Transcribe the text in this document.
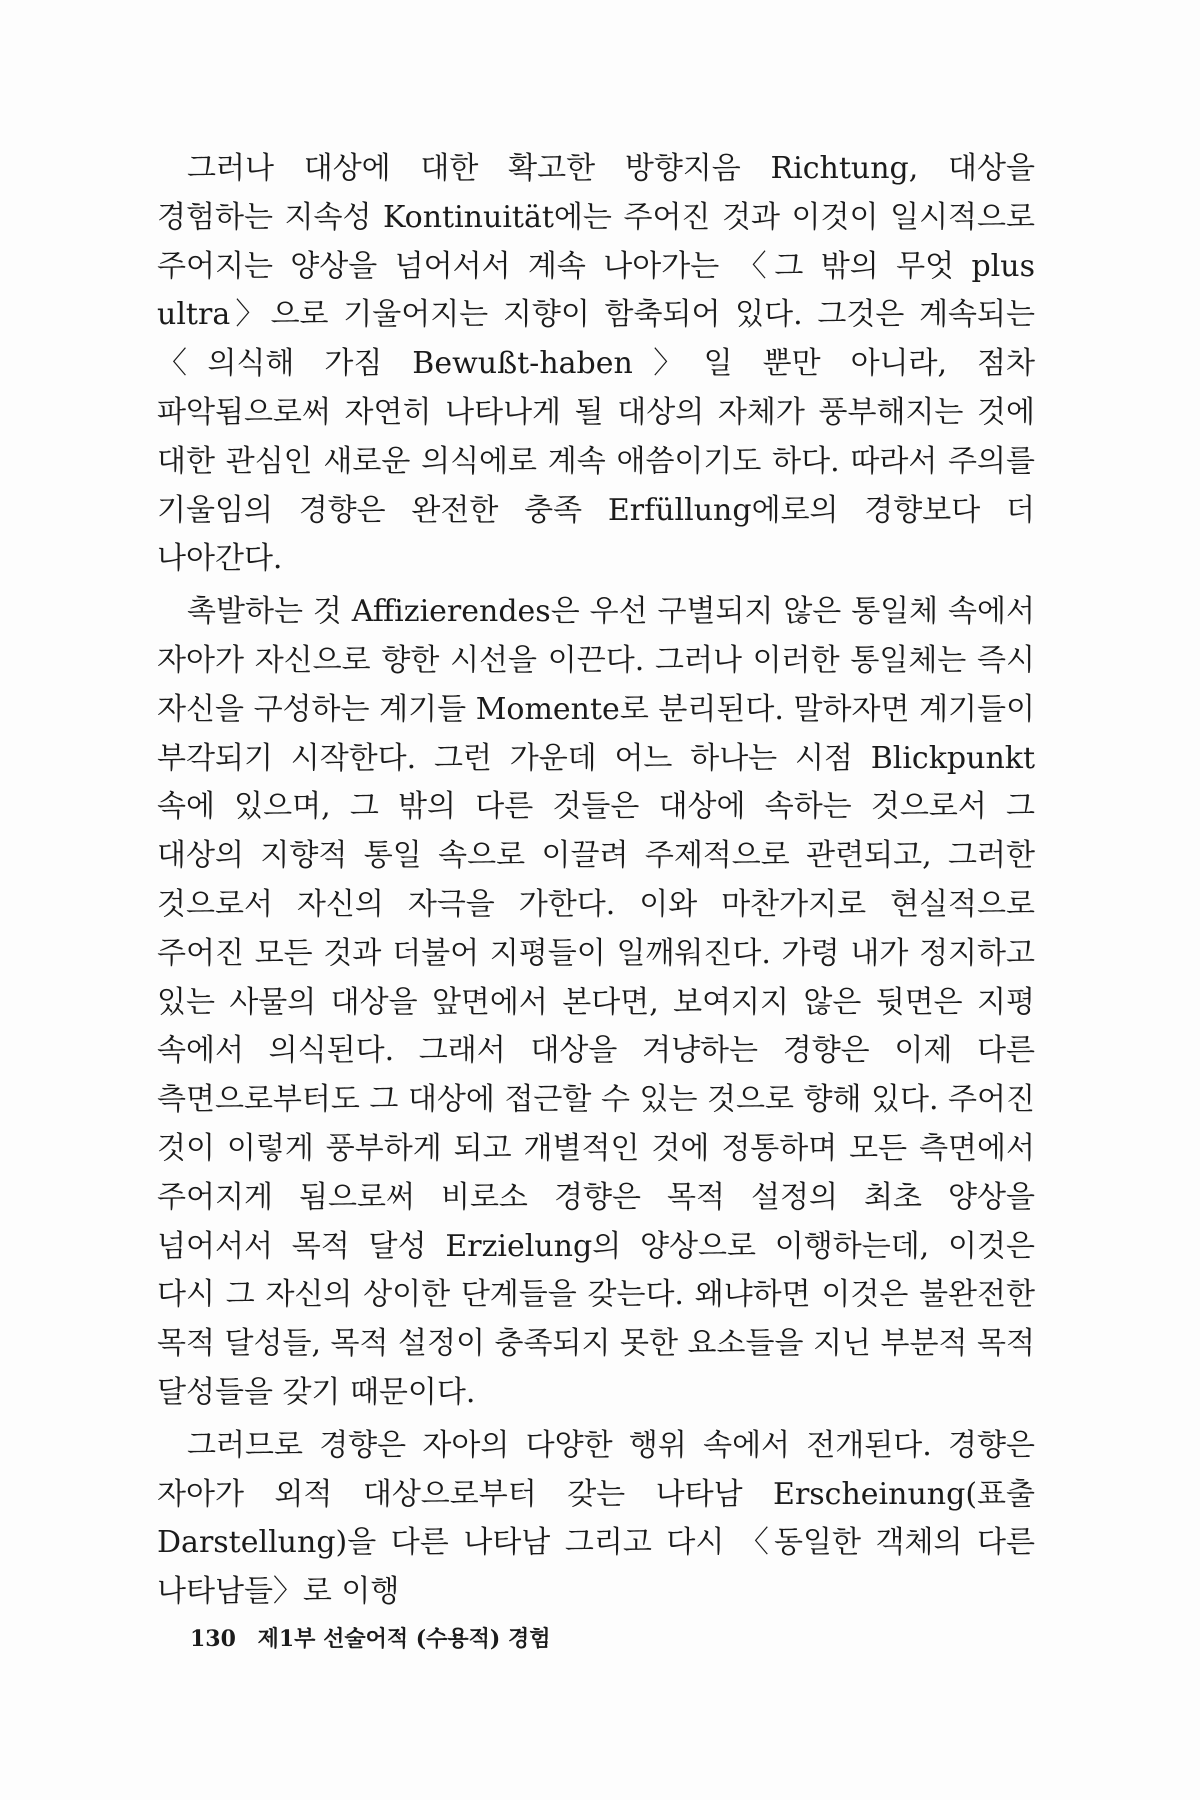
그러나 대상에 대한 확고한 방향지음 Richtung, 대상을 경험하는 지속성 Kontinuität에는 주어진 것과 이것이 일시적으로 주어지는 양상을 넘어서서 계속 나아가는 〈그 밖의 무엇 plus ultra〉으로 기울어지는 지향이 함축되어 있다. 그것은 계속되는 〈의식해 가짐 Bewußt-haben〉일 뿐만 아니라, 점차 파악됨으로써 자연히 나타나게 될 대상의 자체가 풍부해지는 것에 대한 관심인 새로운 의식에로 계속 애씀이기도 하다. 따라서 주의를 기울임의 경향은 완전한 충족 Erfüllung에로의 경향보다 더 나아간다.

촉발하는 것 Affizierendes은 우선 구별되지 않은 통일체 속에서 자아가 자신으로 향한 시선을 이끈다. 그러나 이러한 통일체는 즉시 자신을 구성하는 계기들 Momente로 분리된다. 말하자면 계기들이 부각되기 시작한다. 그런 가운데 어느 하나는 시점 Blickpunkt 속에 있으며, 그 밖의 다른 것들은 대상에 속하는 것으로서 그 대상의 지향적 통일 속으로 이끌려 주제적으로 관련되고, 그러한 것으로서 자신의 자극을 가한다. 이와 마찬가지로 현실적으로 주어진 모든 것과 더불어 지평들이 일깨워진다. 가령 내가 정지하고 있는 사물의 대상을 앞면에서 본다면, 보여지지 않은 뒷면은 지평 속에서 의식된다. 그래서 대상을 겨냥하는 경향은 이제 다른 측면으로부터도 그 대상에 접근할 수 있는 것으로 향해 있다. 주어진 것이 이렇게 풍부하게 되고 개별적인 것에 정통하며 모든 측면에서 주어지게 됨으로써 비로소 경향은 목적 설정의 최초 양상을 넘어서서 목적 달성 Erzielung의 양상으로 이행하는데, 이것은 다시 그 자신의 상이한 단계들을 갖는다. 왜냐하면 이것은 불완전한 목적 달성들, 목적 설정이 충족되지 못한 요소들을 지닌 부분적 목적 달성들을 갖기 때문이다.

그러므로 경향은 자아의 다양한 행위 속에서 전개된다. 경향은 자아가 외적 대상으로부터 갖는 나타남 Erscheinung(표출 Darstellung)을 다른 나타남 그리고 다시 〈동일한 객체의 다른 나타남들〉로 이행

130 제1부 선술어적 (수용적) 경험
